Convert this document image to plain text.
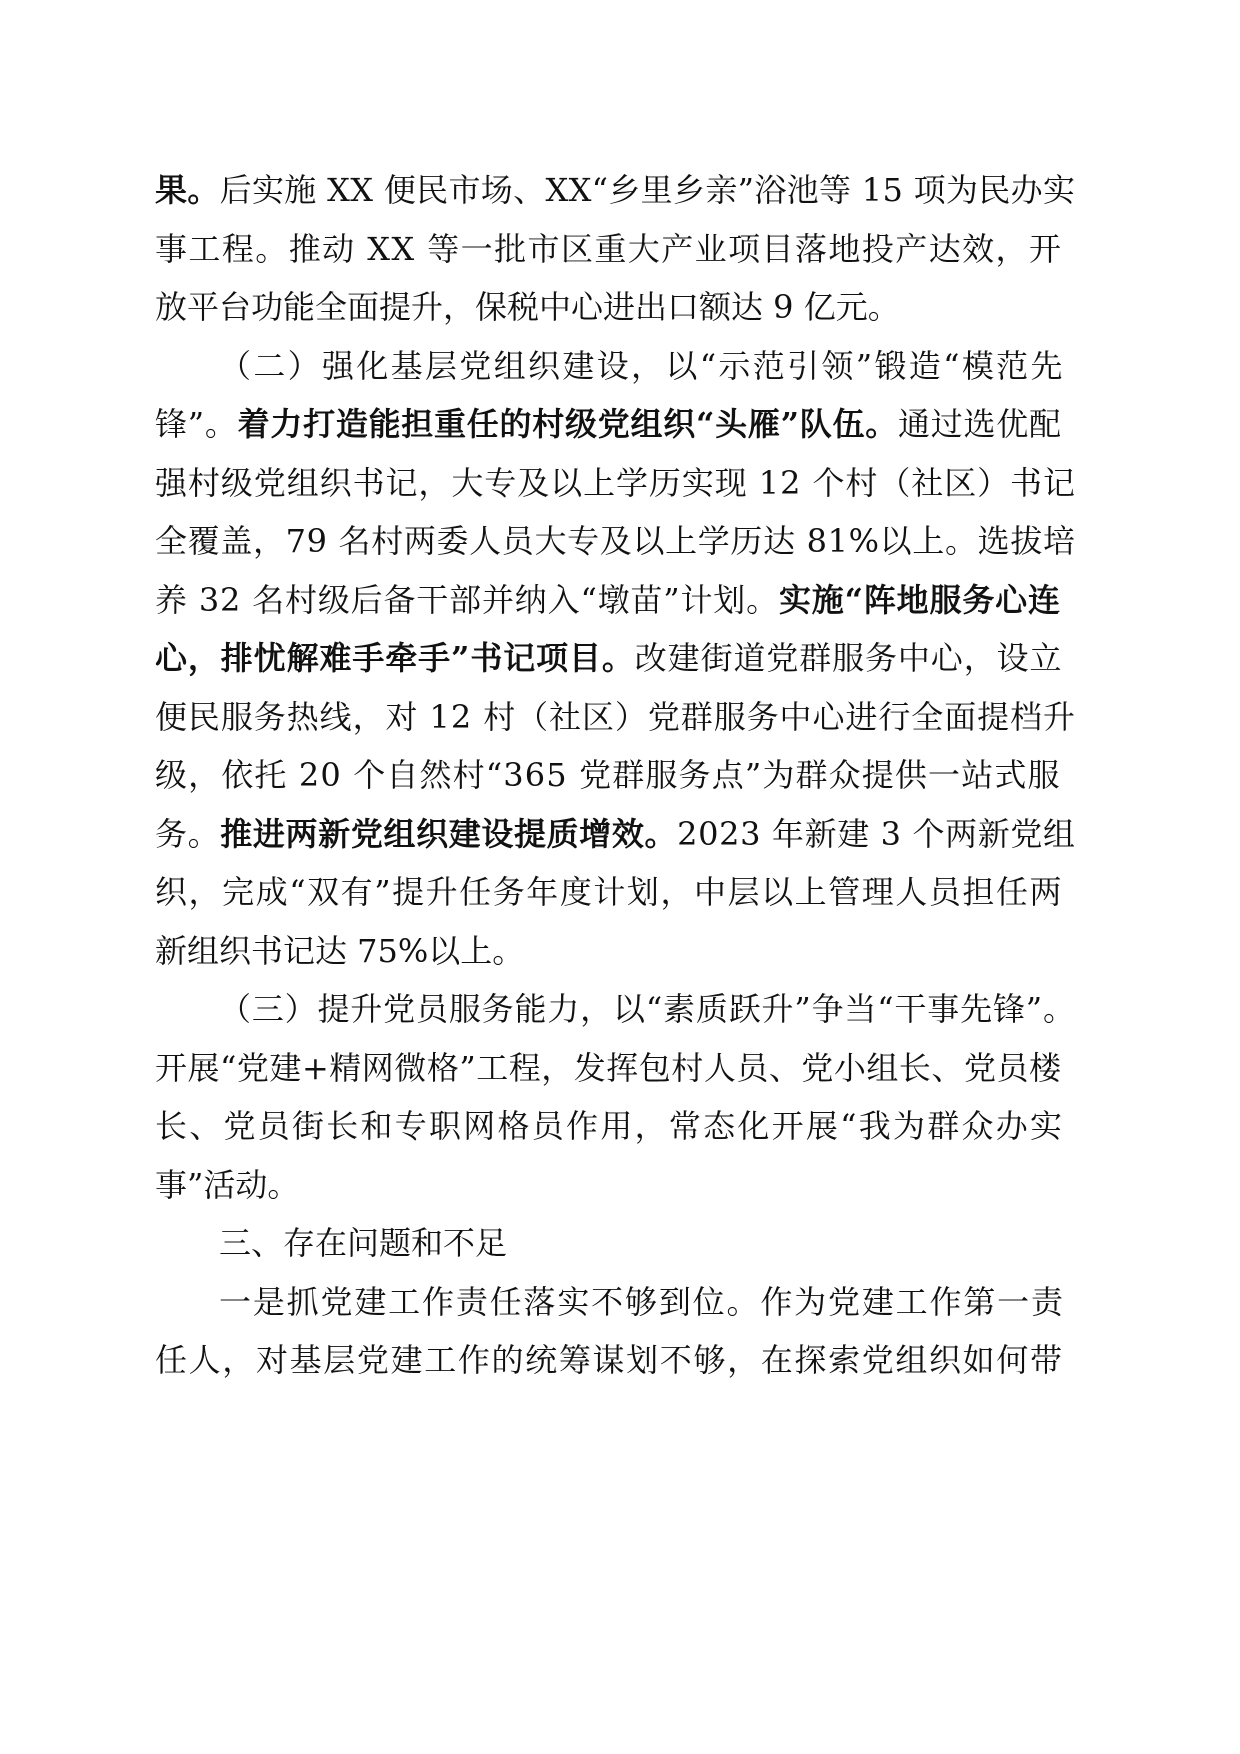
果。后实施 XX 便民市场、XX“乡里乡亲”浴池等 15 项为民办实
事工程。推动 XX 等一批市区重大产业项目落地投产达效，开
放平台功能全面提升，保税中心进出口额达 9 亿元。
（二）强化基层党组织建设，以“示范引领”锻造“模范先
锋”。着力打造能担重任的村级党组织“头雁”队伍。通过选优配
强村级党组织书记，大专及以上学历实现 12 个村（社区）书记
全覆盖，79 名村两委人员大专及以上学历达 81%以上。选拔培
养 32 名村级后备干部并纳入“墩苗”计划。实施“阵地服务心连
心，排忧解难手牵手”书记项目。改建街道党群服务中心，设立
便民服务热线，对 12 村（社区）党群服务中心进行全面提档升
级，依托 20 个自然村“365 党群服务点”为群众提供一站式服
务。推进两新党组织建设提质增效。2023 年新建 3 个两新党组
织，完成“双有”提升任务年度计划，中层以上管理人员担任两
新组织书记达 75%以上。
（三）提升党员服务能力，以“素质跃升”争当“干事先锋”。
开展“党建+精网微格”工程，发挥包村人员、党小组长、党员楼
长、党员街长和专职网格员作用，常态化开展“我为群众办实
事”活动。
三、存在问题和不足
一是抓党建工作责任落实不够到位。作为党建工作第一责
任人，对基层党建工作的统筹谋划不够，在探索党组织如何带
